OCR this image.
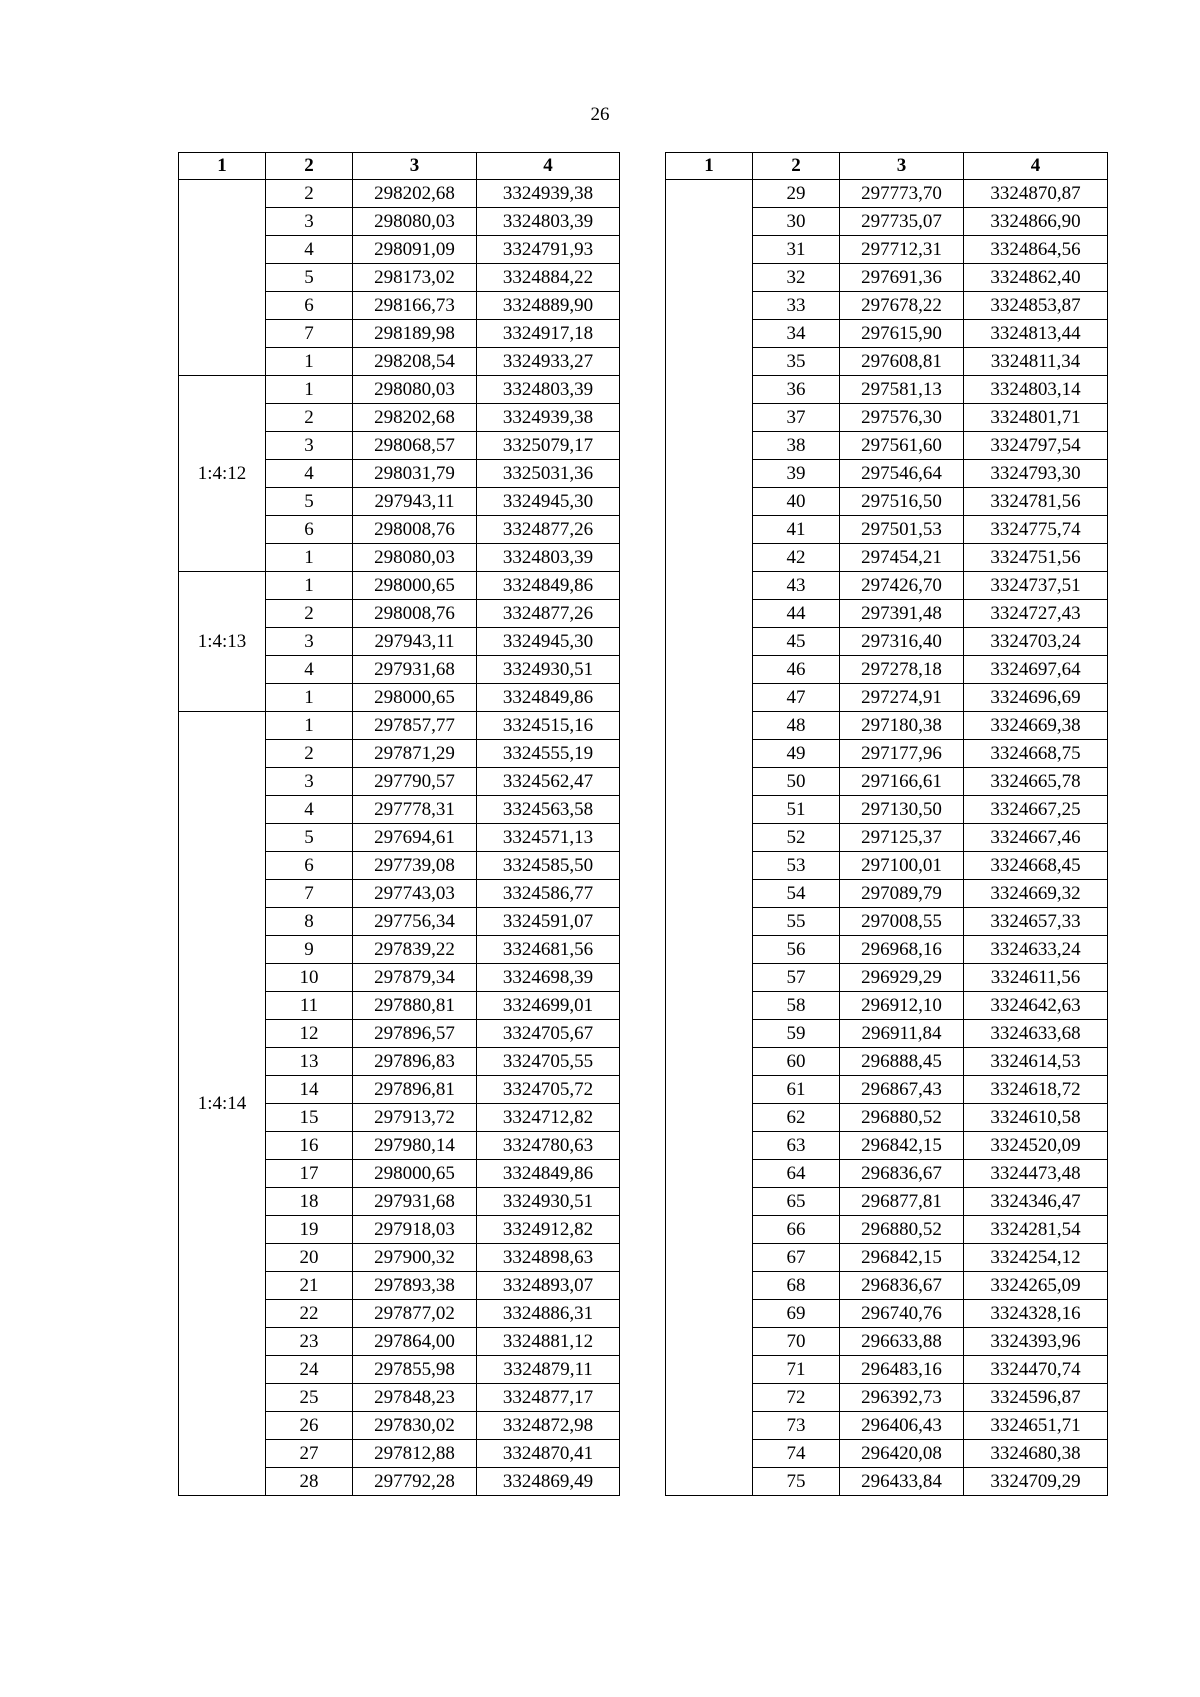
26
1	2	3	4
	2	298202,68	3324939,38
	3	298080,03	3324803,39
	4	298091,09	3324791,93
	5	298173,02	3324884,22
	6	298166,73	3324889,90
	7	298189,98	3324917,18
	1	298208,54	3324933,27
1:4:12	1	298080,03	3324803,39
	2	298202,68	3324939,38
	3	298068,57	3325079,17
	4	298031,79	3325031,36
	5	297943,11	3324945,30
	6	298008,76	3324877,26
	1	298080,03	3324803,39
1:4:13	1	298000,65	3324849,86
	2	298008,76	3324877,26
	3	297943,11	3324945,30
	4	297931,68	3324930,51
	1	298000,65	3324849,86
1:4:14	1	297857,77	3324515,16
	2	297871,29	3324555,19
	3	297790,57	3324562,47
	4	297778,31	3324563,58
	5	297694,61	3324571,13
	6	297739,08	3324585,50
	7	297743,03	3324586,77
	8	297756,34	3324591,07
	9	297839,22	3324681,56
	10	297879,34	3324698,39
	11	297880,81	3324699,01
	12	297896,57	3324705,67
	13	297896,83	3324705,55
	14	297896,81	3324705,72
	15	297913,72	3324712,82
	16	297980,14	3324780,63
	17	298000,65	3324849,86
	18	297931,68	3324930,51
	19	297918,03	3324912,82
	20	297900,32	3324898,63
	21	297893,38	3324893,07
	22	297877,02	3324886,31
	23	297864,00	3324881,12
	24	297855,98	3324879,11
	25	297848,23	3324877,17
	26	297830,02	3324872,98
	27	297812,88	3324870,41
	28	297792,28	3324869,49
1	2	3	4
	29	297773,70	3324870,87
	30	297735,07	3324866,90
	31	297712,31	3324864,56
	32	297691,36	3324862,40
	33	297678,22	3324853,87
	34	297615,90	3324813,44
	35	297608,81	3324811,34
	36	297581,13	3324803,14
	37	297576,30	3324801,71
	38	297561,60	3324797,54
	39	297546,64	3324793,30
	40	297516,50	3324781,56
	41	297501,53	3324775,74
	42	297454,21	3324751,56
	43	297426,70	3324737,51
	44	297391,48	3324727,43
	45	297316,40	3324703,24
	46	297278,18	3324697,64
	47	297274,91	3324696,69
	48	297180,38	3324669,38
	49	297177,96	3324668,75
	50	297166,61	3324665,78
	51	297130,50	3324667,25
	52	297125,37	3324667,46
	53	297100,01	3324668,45
	54	297089,79	3324669,32
	55	297008,55	3324657,33
	56	296968,16	3324633,24
	57	296929,29	3324611,56
	58	296912,10	3324642,63
	59	296911,84	3324633,68
	60	296888,45	3324614,53
	61	296867,43	3324618,72
	62	296880,52	3324610,58
	63	296842,15	3324520,09
	64	296836,67	3324473,48
	65	296877,81	3324346,47
	66	296880,52	3324281,54
	67	296842,15	3324254,12
	68	296836,67	3324265,09
	69	296740,76	3324328,16
	70	296633,88	3324393,96
	71	296483,16	3324470,74
	72	296392,73	3324596,87
	73	296406,43	3324651,71
	74	296420,08	3324680,38
	75	296433,84	3324709,29
